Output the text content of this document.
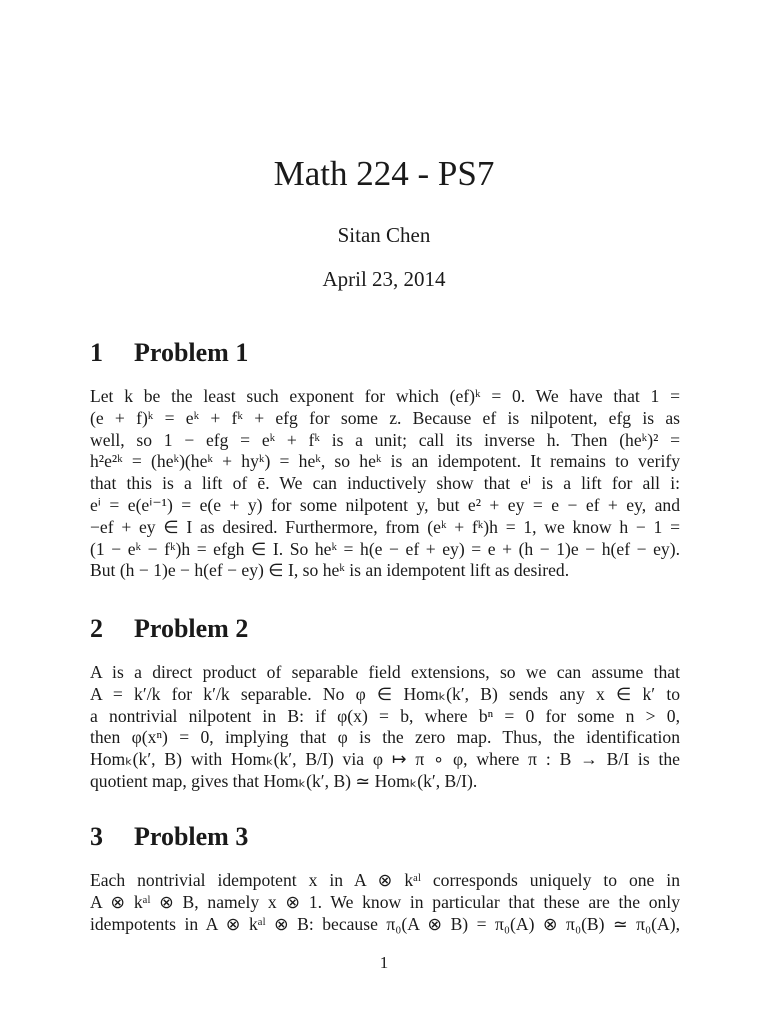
Math 224 - PS7
Sitan Chen
April 23, 2014
1 Problem 1
Let k be the least such exponent for which (ef)ᵏ = 0. We have that 1 =
(e + f)ᵏ = eᵏ + fᵏ + efg for some z. Because ef is nilpotent, efg is as
well, so 1 − efg = eᵏ + fᵏ is a unit; call its inverse h. Then (heᵏ)² =
h²e²ᵏ = (heᵏ)(heᵏ + hyᵏ) = heᵏ, so heᵏ is an idempotent. It remains to verify
that this is a lift of ē. We can inductively show that eⁱ is a lift for all i:
eⁱ = e(eⁱ⁻¹) = e(e + y) for some nilpotent y, but e² + ey = e − ef + ey, and
−ef + ey ∈ I as desired. Furthermore, from (eᵏ + fᵏ)h = 1, we know h − 1 =
(1 − eᵏ − fᵏ)h = efgh ∈ I. So heᵏ = h(e − ef + ey) = e + (h − 1)e − h(ef − ey).
But (h − 1)e − h(ef − ey) ∈ I, so heᵏ is an idempotent lift as desired.
2 Problem 2
A is a direct product of separable field extensions, so we can assume that
A = k′/k for k′/k separable. No φ ∈ Homₖ(k′, B) sends any x ∈ k′ to
a nontrivial nilpotent in B: if φ(x) = b, where bⁿ = 0 for some n > 0,
then φ(xⁿ) = 0, implying that φ is the zero map. Thus, the identification
Homₖ(k′, B) with Homₖ(k′, B/I) via φ ↦ π ∘ φ, where π : B → B/I is the
quotient map, gives that Homₖ(k′, B) ≃ Homₖ(k′, B/I).
3 Problem 3
Each nontrivial idempotent x in A ⊗ kᵃˡ corresponds uniquely to one in
A ⊗ kᵃˡ ⊗ B, namely x ⊗ 1. We know in particular that these are the only
idempotents in A ⊗ kᵃˡ ⊗ B: because π₀(A ⊗ B) = π₀(A) ⊗ π₀(B) ≃ π₀(A),
1
